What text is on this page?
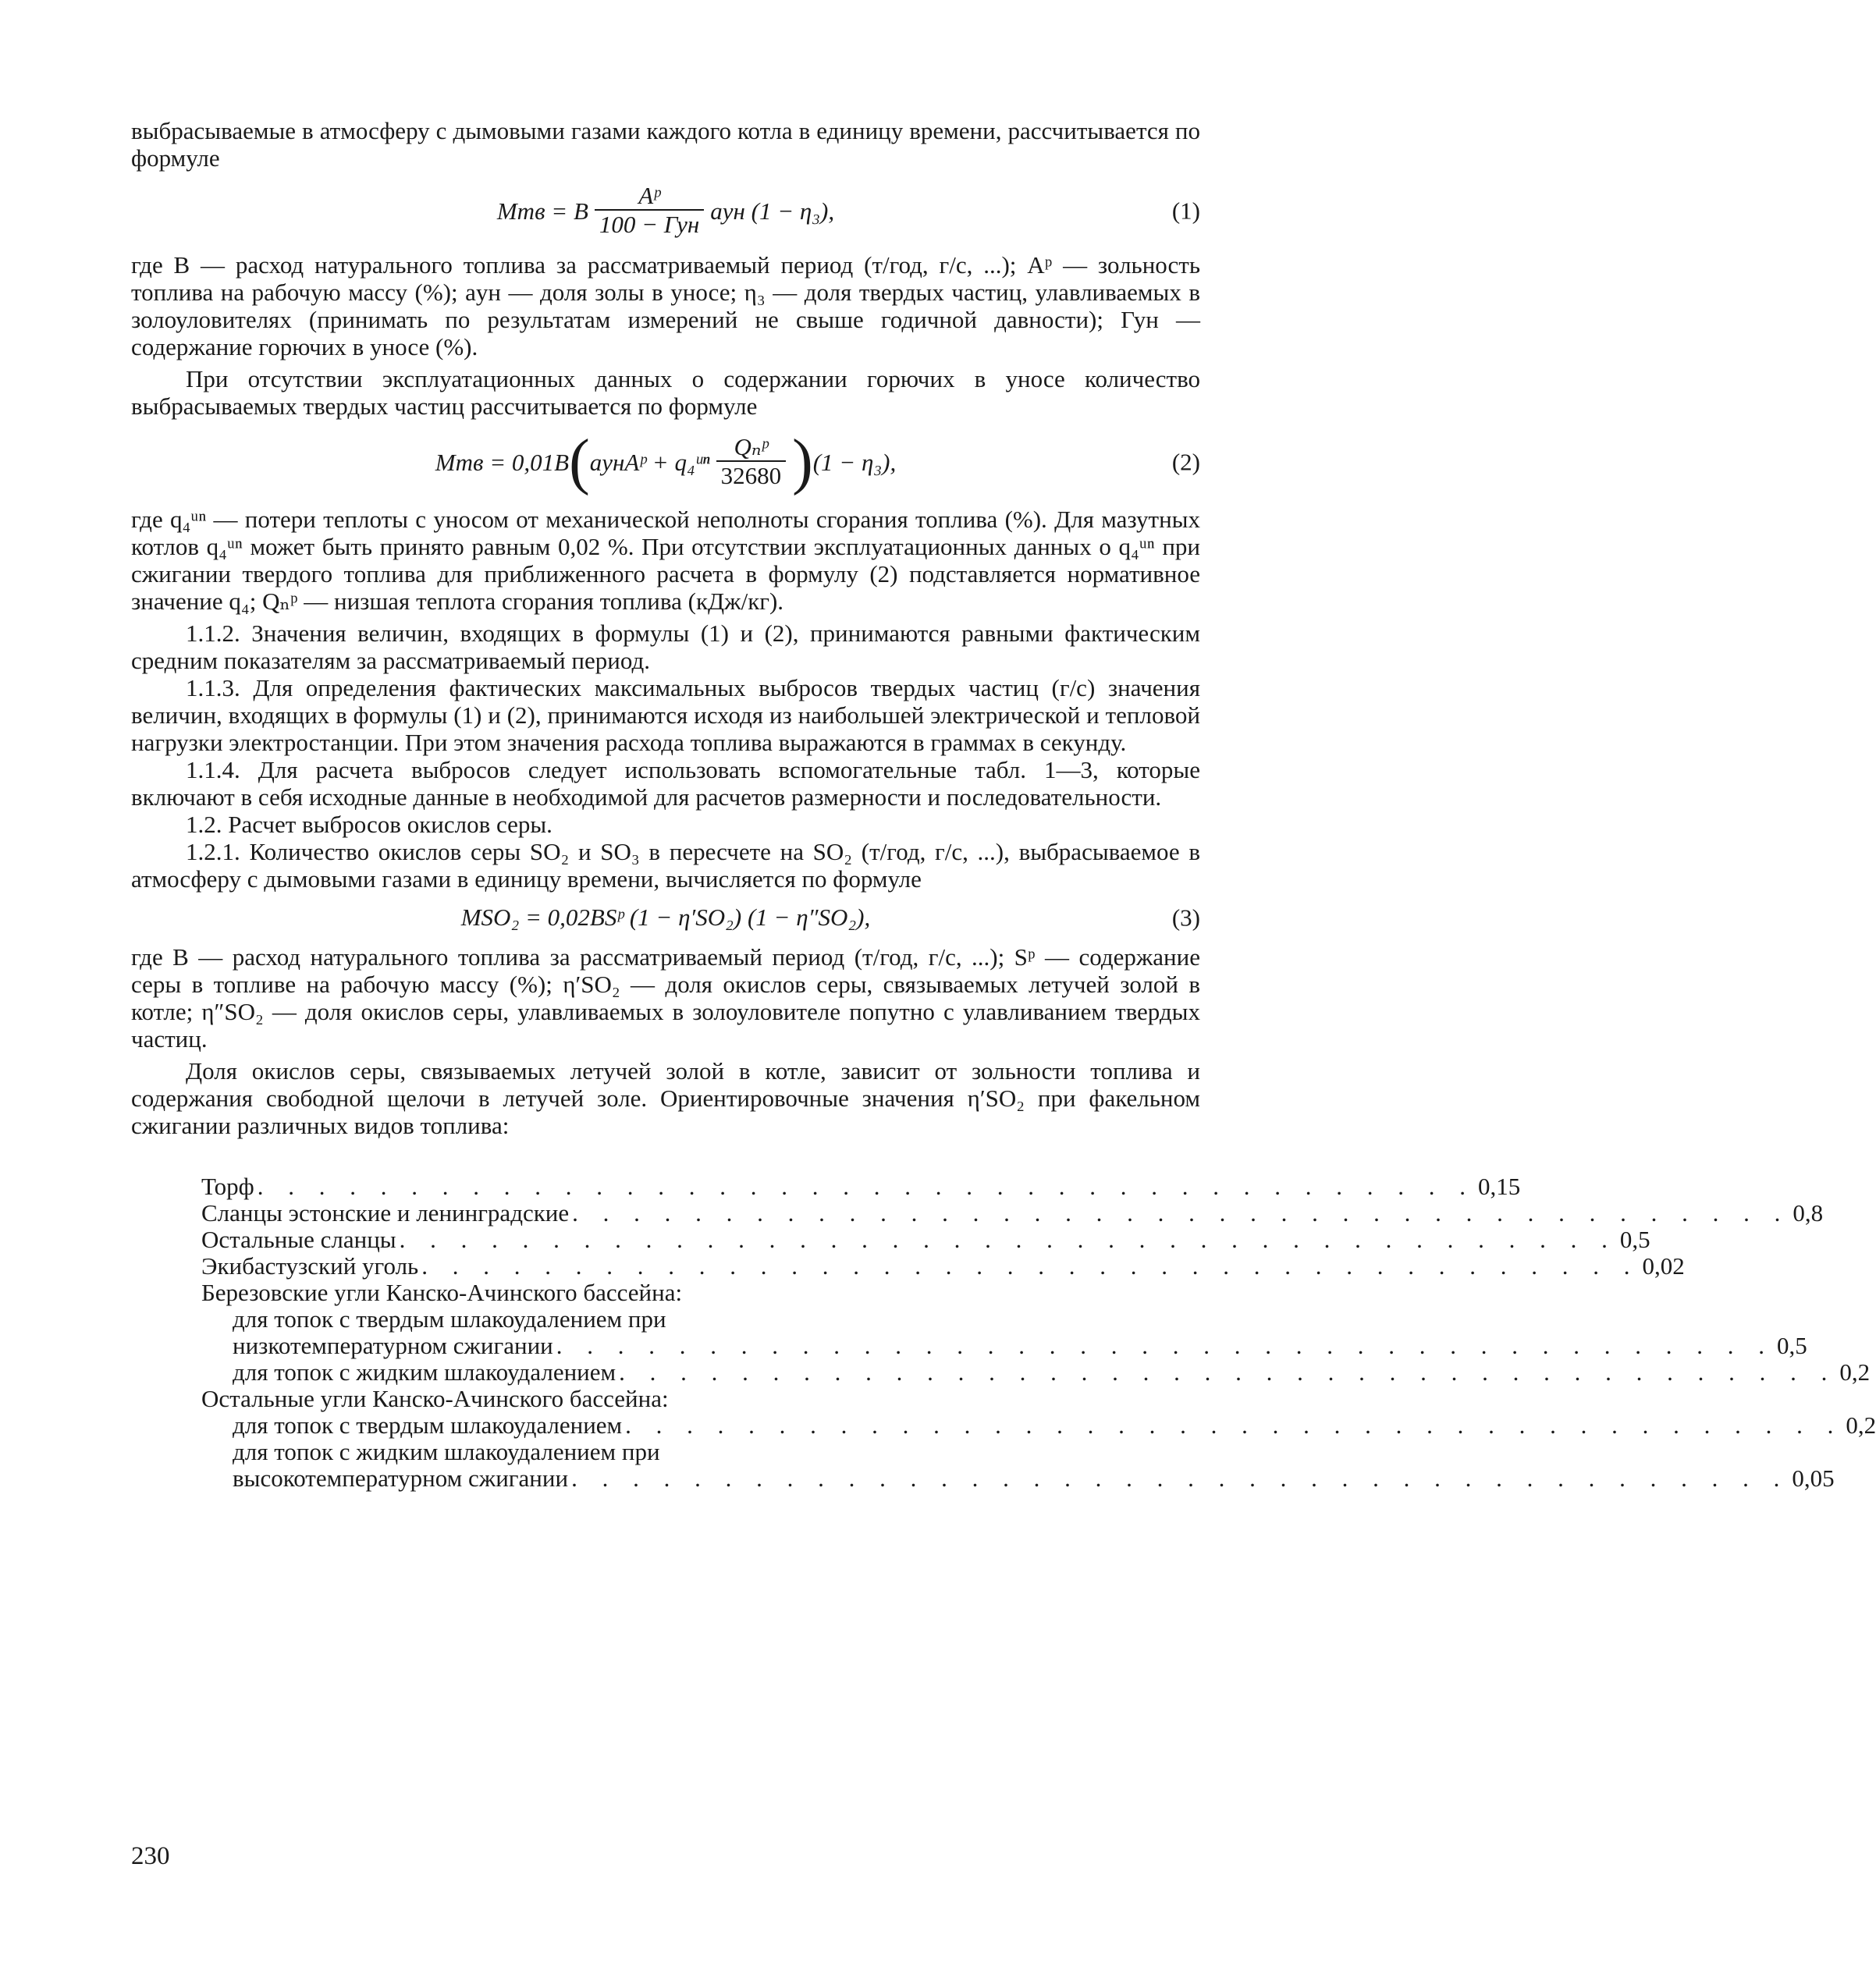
выбрасываемые в атмосферу с дымовыми газами каждого котла в единицу времени, рассчитывается по формуле

Mтв = B $\frac{\text{Aᵖ}}{\text{100 − Гун}}$ aун (1 − η₃),	(1)

где B — расход натурального топлива за рассматриваемый период (т/год, г/с, ...); Aᵖ — зольность топлива на рабочую массу (%); aун — доля золы в уносе; η₃ — доля твердых частиц, улавливаемых в золоуловителях (принимать по результатам измерений не свыше годичной давности); Гун — содержание горючих в уносе (%).

При отсутствии эксплуатационных данных о содержании горючих в уносе количество выбрасываемых твердых частиц рассчитывается по формуле

Mтв = 0,01B ( aунAᵖ + q₄ᵘⁿ $\frac{\text{Qₙᵖ}}{32680}$ ) (1 − η₃),	(2)

где q₄ᵘⁿ — потери теплоты с уносом от механической неполноты сгорания топлива (%). Для мазутных котлов q₄ᵘⁿ может быть принято равным 0,02 %. При отсутствии эксплуатационных данных о q₄ᵘⁿ при сжигании твердого топлива для приближенного расчета в формулу (2) подставляется нормативное значение q₄; Qₙᵖ — низшая теплота сгорания топлива (кДж/кг).

1.1.2. Значения величин, входящих в формулы (1) и (2), принимаются равными фактическим средним показателям за рассматриваемый период.

1.1.3. Для определения фактических максимальных выбросов твердых частиц (г/с) значения величин, входящих в формулы (1) и (2), принимаются исходя из наибольшей электрической и тепловой нагрузки электростанции. При этом значения расхода топлива выражаются в граммах в секунду.

1.1.4. Для расчета выбросов следует использовать вспомогательные табл. 1—3, которые включают в себя исходные данные в необходимой для расчетов размерности и последовательности.

1.2. Расчет выбросов окислов серы.

1.2.1. Количество окислов серы SO₂ и SO₃ в пересчете на SO₂ (т/год, г/с, ...), выбрасываемое в атмосферу с дымовыми газами в единицу времени, вычисляется по формуле

MSO₂ = 0,02BSᵖ (1 − η′SO₂) (1 − η″SO₂),	(3)

где B — расход натурального топлива за рассматриваемый период (т/год, г/с, ...); Sᵖ — содержание серы в топливе на рабочую массу (%); η′SO₂ — доля окислов серы, связываемых летучей золой в котле; η″SO₂ — доля окислов серы, улавливаемых в золоуловителе попутно с улавливанием твердых частиц.

Доля окислов серы, связываемых летучей золой в котле, зависит от зольности топлива и содержания свободной щелочи в летучей золе. Ориентировочные значения η′SO₂ при факельном сжигании различных видов топлива:

Торф . . . . . . . . . . . . . . . . . . . . . . . . . . . . . . . . . . . . . . . . 0,15
Сланцы эстонские и ленинградские . . . . . . . . . . . . . . . . . . . . . . . . . . . . . . . . . . . . . . . . 0,8
Остальные сланцы . . . . . . . . . . . . . . . . . . . . . . . . . . . . . . . . . . . . . . . . 0,5
Экибастузский уголь . . . . . . . . . . . . . . . . . . . . . . . . . . . . . . . . . . . . . . . . 0,02
Березовские угли Канско-Ачинского бассейна:
для топок с твердым шлакоудалением при
низкотемпературном сжигании . . . . . . . . . . . . . . . . . . . . . . . . . . . . . . . . . . . . . . . . 0,5
для топок с жидким шлакоудалением . . . . . . . . . . . . . . . . . . . . . . . . . . . . . . . . . . . . . . . . 0,2
Остальные угли Канско-Ачинского бассейна:
для топок с твердым шлакоудалением . . . . . . . . . . . . . . . . . . . . . . . . . . . . . . . . . . . . . . . . 0,2
для топок с жидким шлакоудалением при
высокотемпературном сжигании . . . . . . . . . . . . . . . . . . . . . . . . . . . . . . . . . . . . . . . . 0,05
230
